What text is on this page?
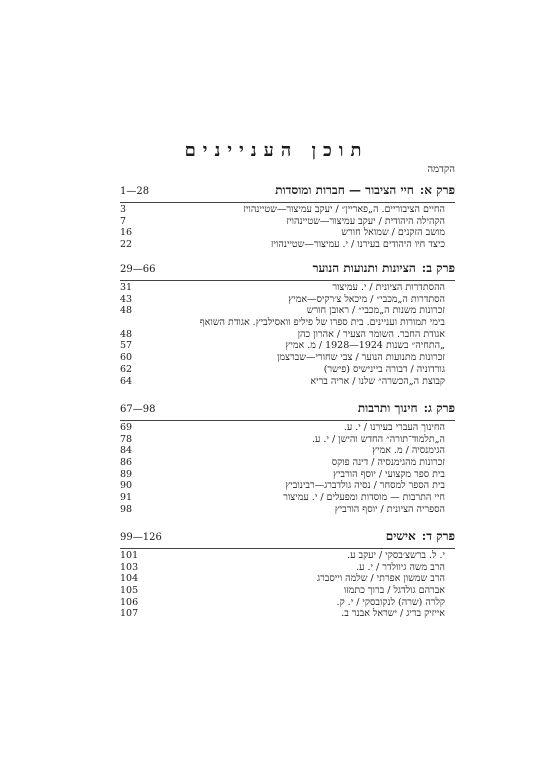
תוכן העניינים
הקדמה
פרק א:חיי הציבור — חברות ומוסדות
1—28
החיים הציבוריים. ה„פאריין״ / יעקב עמיצור—שטיינהויז
3
הקהילה היהודית / יעקב עמיצור—שטיינהויז
7
מושב הזקנים / שמואל חורש
16
כיצד חיו היהודים בעירנו / י. עמיצור—שטיינהויז
22
פרק ב:הציונות ותנועות הנוער
29—66
ההסתדרות הציונית / י. עמיצור
31
הסתדרות ה„מכבי״ / מיכאל צ׳רקיס—אמיץ
43
זכרונות משנות ה„מכבי״ / ראובן חורש
48
בימי תמורות ועניינים. בית ספרו של פיליפ וואסילביץ. אגודת השואף
אגודת החבר. השומר הצעיר / אהרון כהן
48
„התחיה״ בשנות 1924—1928 / מ. אמיץ
57
זכרונות מתנועות הנוער / צבי שחורי—שברצמן
60
גורדוניה / דבורה ביינישיס (פישר)
62
קבוצת ה„הכשרה״ שלנו / אריה בריא
64
פרק ג:חינוך ותרבות
67—98
החינוך העברי בעירנו / י. ע.
69
ה„תלמוד־תורה״ החדש והישן / י. ע.
78
הגימנסיה / מ. אמיץ
84
זכרונות מהגימנסיה / דינה פוקס
86
בית ספר מקצועי / יוסף הורביץ
89
בית הספר למסחר / נסיה גולדברג—רבינוביץ
90
חיי התרבות — מוסדות ומפעלים / י. עמיצור
91
הספריה הציונית / יוסף הורביץ
98
פרק ד:אישים
99—126
י. ל. ברשצ׳בסקי / יעקב ע.
101
הרב משה גיוולדר / י. ע.
103
הרב שמשון אפרתי / שלמה וייסברג
104
אברהם גולדגל / ברוך כתמזו
105
קלרה (שרה) לנקובסקי / י. ק.
106
אייזיק בריג / ישראל אבנר ב.
107
